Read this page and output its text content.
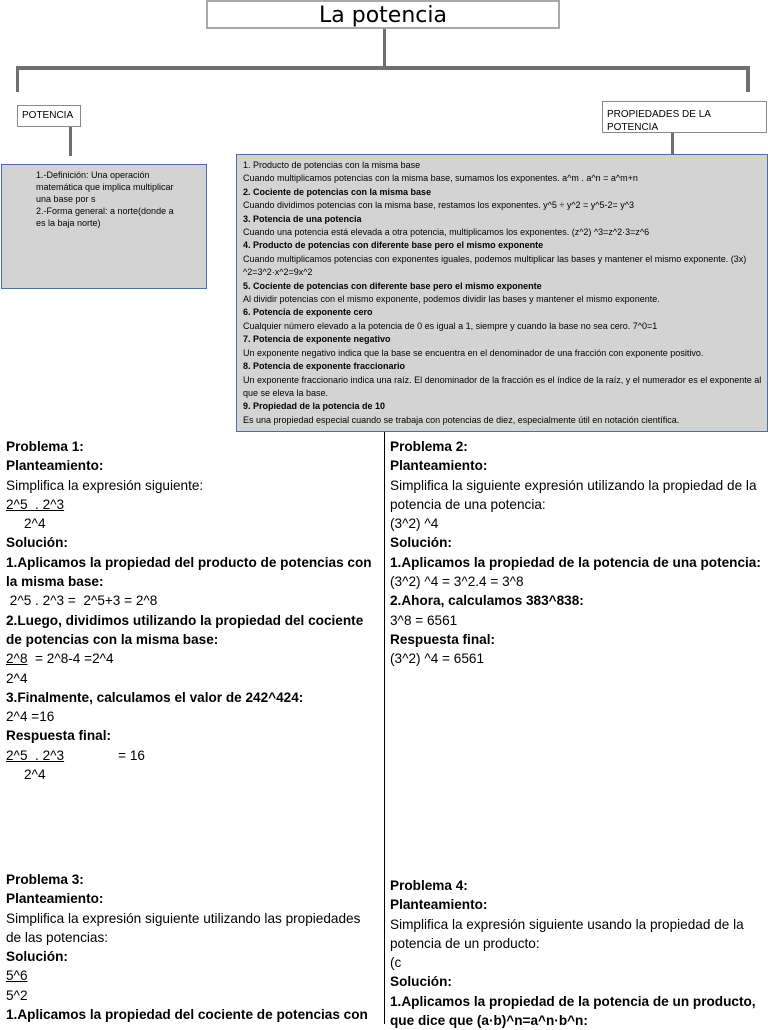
La potencia
POTENCIA	PROPIEDADES DE LA POTENCIA
1.-Definición: Una operación
matemática que implica multiplicar
una base por s
2.-Forma general: a norte(donde a
es la baja norte)
1. Producto de potencias con la misma base
Cuando multiplicamos potencias con la misma base, sumamos los exponentes. a^m . a^n = a^m+n
2. Cociente de potencias con la misma base
Cuando dividimos potencias con la misma base, restamos los exponentes. y^5 ÷ y^2 = y^5-2= y^3
3. Potencia de una potencia
Cuando una potencia está elevada a otra potencia, multiplicamos los exponentes. (z^2) ^3=z^2·3=z^6
4. Producto de potencias con diferente base pero el mismo exponente
Cuando multiplicamos potencias con exponentes iguales, podemos multiplicar las bases y mantener el mismo exponente. (3x) ^2=3^2·x^2=9x^2
5. Cociente de potencias con diferente base pero el mismo exponente
Al dividir potencias con el mismo exponente, podemos dividir las bases y mantener el mismo exponente.
6. Potencia de exponente cero
Cualquier número elevado a la potencia de 0 es igual a 1, siempre y cuando la base no sea cero. 7^0=1
7. Potencia de exponente negativo
Un exponente negativo indica que la base se encuentra en el denominador de una fracción con exponente positivo.
8. Potencia de exponente fraccionario
Un exponente fraccionario indica una raíz. El denominador de la fracción es el índice de la raíz, y el numerador es el exponente al que se eleva la base.
9. Propiedad de la potencia de 10
Es una propiedad especial cuando se trabaja con potencias de diez, especialmente útil en notación científica.
Problema 1:
Planteamiento:
Simplifica la expresión siguiente:
2^5  . 2^3
2^4
Solución:
1.Aplicamos la propiedad del producto de potencias con la misma base:
2^5 . 2^3 =  2^5+3 = 2^8
2.Luego, dividimos utilizando la propiedad del cociente de potencias con la misma base:
2^8  = 2^8-4 =2^4
2^4
3.Finalmente, calculamos el valor de 242^424:
2^4 =16
Respuesta final:
2^5  . 2^3	= 16
2^4
Problema 2:
Planteamiento:
Simplifica la siguiente expresión utilizando la propiedad de la potencia de una potencia:
(3^2) ^4
Solución:
1.Aplicamos la propiedad de la potencia de una potencia:
(3^2) ^4 = 3^2.4 = 3^8
2.Ahora, calculamos 383^838:
3^8 = 6561
Respuesta final:
(3^2) ^4 = 6561
Problema 3:
Planteamiento:
Simplifica la expresión siguiente utilizando las propiedades de las potencias:
Solución:
5^6
5^2
1.Aplicamos la propiedad del cociente de potencias con
Problema 4:
Planteamiento:
Simplifica la expresión siguiente usando la propiedad de la potencia de un producto:
(c
Solución:
1.Aplicamos la propiedad de la potencia de un producto, que dice que (a·b)^n=a^n·b^n:
